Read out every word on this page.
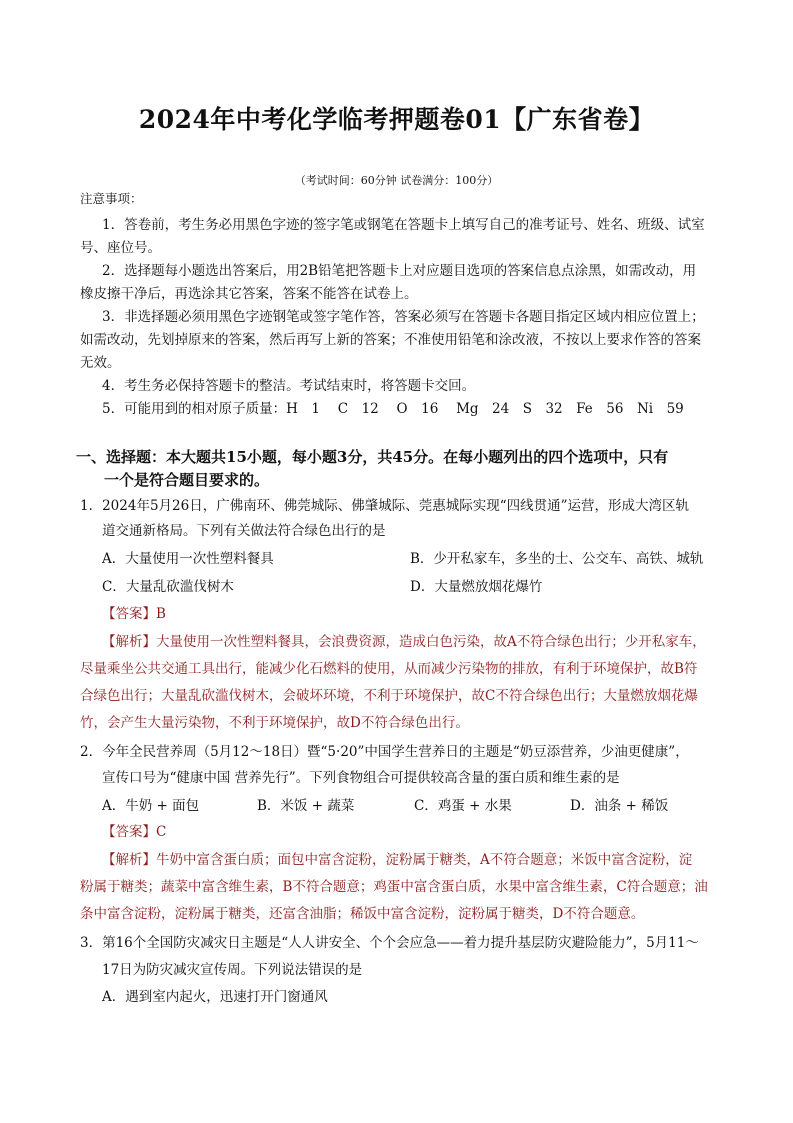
2024年中考化学临考押题卷01【广东省卷】
（考试时间：60分钟 试卷满分：100分）
注意事项：
1．答卷前，考生务必用黑色字迹的签字笔或钢笔在答题卡上填写自己的准考证号、姓名、班级、试室
号、座位号。
2．选择题每小题选出答案后，用2B铅笔把答题卡上对应题目选项的答案信息点涂黑，如需改动，用
橡皮擦干净后，再选涂其它答案，答案不能答在试卷上。
3．非选择题必须用黑色字迹钢笔或签字笔作答，答案必须写在答题卡各题目指定区域内相应位置上；
如需改动，先划掉原来的答案，然后再写上新的答案；不准使用铅笔和涂改液，不按以上要求作答的答案
无效。
4．考生务必保持答题卡的整洁。考试结束时，将答题卡交回。
5．可能用到的相对原子质量：H　1　 C　12　 O　16　 Mg　24　S　32　Fe　56　Ni　59
一、选择题：本大题共15小题，每小题3分，共45分。在每小题列出的四个选项中，只有
一个是符合题目要求的。
1．2024年5月26日，广佛南环、佛莞城际、佛肇城际、莞惠城际实现“四线贯通”运营，形成大湾区轨
道交通新格局。下列有关做法符合绿色出行的是
A．大量使用一次性塑料餐具	B．少开私家车，多坐的士、公交车、高铁、城轨
C．大量乱砍滥伐树木	D．大量燃放烟花爆竹
【答案】B
【解析】大量使用一次性塑料餐具，会浪费资源，造成白色污染，故A不符合绿色出行；少开私家车，
尽量乘坐公共交通工具出行，能减少化石燃料的使用，从而减少污染物的排放，有利于环境保护，故B符
合绿色出行；大量乱砍滥伐树木，会破坏环境，不利于环境保护，故C不符合绿色出行；大量燃放烟花爆
竹，会产生大量污染物，不利于环境保护，故D不符合绿色出行。
2．今年全民营养周（5月12～18日）暨“5·20”中国学生营养日的主题是“奶豆添营养，少油更健康”，
宣传口号为“健康中国 营养先行”。下列食物组合可提供较高含量的蛋白质和维生素的是
A．牛奶 + 面包	B．米饭 + 蔬菜	C．鸡蛋 + 水果	D．油条 + 稀饭
【答案】C
【解析】牛奶中富含蛋白质；面包中富含淀粉，淀粉属于糖类，A不符合题意；米饭中富含淀粉，淀
粉属于糖类；蔬菜中富含维生素，B不符合题意；鸡蛋中富含蛋白质，水果中富含维生素，C符合题意；油
条中富含淀粉，淀粉属于糖类，还富含油脂；稀饭中富含淀粉，淀粉属于糖类，D不符合题意。
3．第16个全国防灾减灾日主题是“人人讲安全、个个会应急——着力提升基层防灾避险能力”，5月11～
17日为防灾减灾宣传周。下列说法错误的是
A．遇到室内起火，迅速打开门窗通风
